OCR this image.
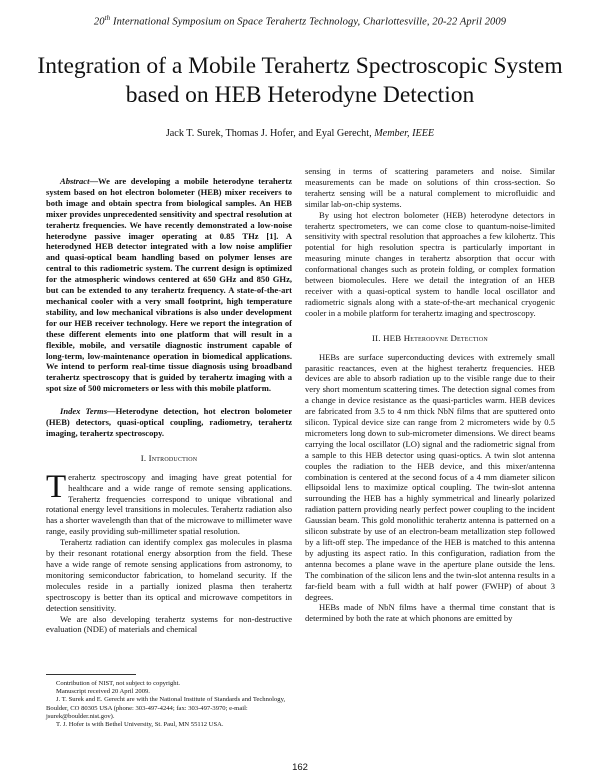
20th International Symposium on Space Terahertz Technology, Charlottesville, 20-22 April 2009
Integration of a Mobile Terahertz Spectroscopic System based on HEB Heterodyne Detection
Jack T. Surek, Thomas J. Hofer, and Eyal Gerecht, Member, IEEE

Abstract—We are developing a mobile heterodyne terahertz system based on hot electron bolometer (HEB) mixer receivers to both image and obtain spectra from biological samples. An HEB mixer provides unprecedented sensitivity and spectral resolution at terahertz frequencies. We have recently demonstrated a low-noise heterodyne passive imager operating at 0.85 THz [1]. A heterodyned HEB detector integrated with a low noise amplifier and quasi-optical beam handling based on polymer lenses are central to this radiometric system. The current design is optimized for the atmospheric windows centered at 650 GHz and 850 GHz, but can be extended to any terahertz frequency. A state-of-the-art mechanical cooler with a very small footprint, high temperature stability, and low mechanical vibrations is also under development for our HEB receiver technology. Here we report the integration of these different elements into one platform that will result in a flexible, mobile, and versatile diagnostic instrument capable of long-term, low-maintenance operation in biomedical applications. We intend to perform real-time tissue diagnosis using broadband terahertz spectroscopy that is guided by terahertz imaging with a spot size of 500 micrometers or less with this mobile platform.

Index Terms—Heterodyne detection, hot electron bolometer (HEB) detectors, quasi-optical coupling, radiometry, terahertz imaging, terahertz spectroscopy.

I. Introduction

Terahertz spectroscopy and imaging have great potential for healthcare and a wide range of remote sensing applications. Terahertz frequencies correspond to unique vibrational and rotational energy level transitions in molecules. Terahertz radiation also has a shorter wavelength than that of the microwave to millimeter wave range, easily providing sub-millimeter spatial resolution.

Terahertz radiation can identify complex gas molecules in plasma by their resonant rotational energy absorption from the field. These have a wide range of remote sensing applications from astronomy, to monitoring semiconductor fabrication, to homeland security. If the molecules reside in a partially ionized plasma then terahertz spectroscopy is better than its optical and microwave competitors in detection sensitivity.

We are also developing terahertz systems for non-destructive evaluation (NDE) of materials and chemical

Contribution of NIST, not subject to copyright.

Manuscript received 20 April 2009.

J. T. Surek and E. Gerecht are with the National Institute of Standards and Technology, Boulder, CO 80305 USA (phone: 303-497-4244; fax: 303-497-3970; e-mail: jsurek@boulder.nist.gov).

T. J. Hofer is with Bethel University, St. Paul, MN 55112 USA.

sensing in terms of scattering parameters and noise. Similar measurements can be made on solutions of thin cross-section. So terahertz sensing will be a natural complement to microfluidic and similar lab-on-chip systems.

By using hot electron bolometer (HEB) heterodyne detectors in terahertz spectrometers, we can come close to quantum-noise-limited sensitivity with spectral resolution that approaches a few kilohertz. This potential for high resolution spectra is particularly important in measuring minute changes in terahertz absorption that occur with conformational changes such as protein folding, or complex formation between biomolecules. Here we detail the integration of an HEB receiver with a quasi-optical system to handle local oscillator and radiometric signals along with a state-of-the-art mechanical cryogenic cooler in a mobile platform for terahertz imaging and spectroscopy.

II. HEB Heterodyne Detection

HEBs are surface superconducting devices with extremely small parasitic reactances, even at the highest terahertz frequencies. HEB devices are able to absorb radiation up to the visible range due to their very short momentum scattering times. The detection signal comes from a change in device resistance as the quasi-particles warm. HEB devices are fabricated from 3.5 to 4 nm thick NbN films that are sputtered onto silicon. Typical device size can range from 2 micrometers wide by 0.5 micrometers long down to sub-micrometer dimensions. We direct beams carrying the local oscillator (LO) signal and the radiometric signal from a sample to this HEB detector using quasi-optics. A twin slot antenna couples the radiation to the HEB device, and this mixer/antenna combination is centered at the second focus of a 4 mm diameter silicon ellipsoidal lens to maximize optical coupling. The twin-slot antenna surrounding the HEB has a highly symmetrical and linearly polarized radiation pattern providing nearly perfect power coupling to the incident Gaussian beam. This gold monolithic terahertz antenna is patterned on a silicon substrate by use of an electron-beam metallization step followed by a lift-off step. The impedance of the HEB is matched to this antenna by adjusting its aspect ratio. In this configuration, radiation from the antenna becomes a plane wave in the aperture plane outside the lens. The combination of the silicon lens and the twin-slot antenna results in a far-field beam with a full width at half power (FWHP) of about 3 degrees.

HEBs made of NbN films have a thermal time constant that is determined by both the rate at which phonons are emitted by

162
